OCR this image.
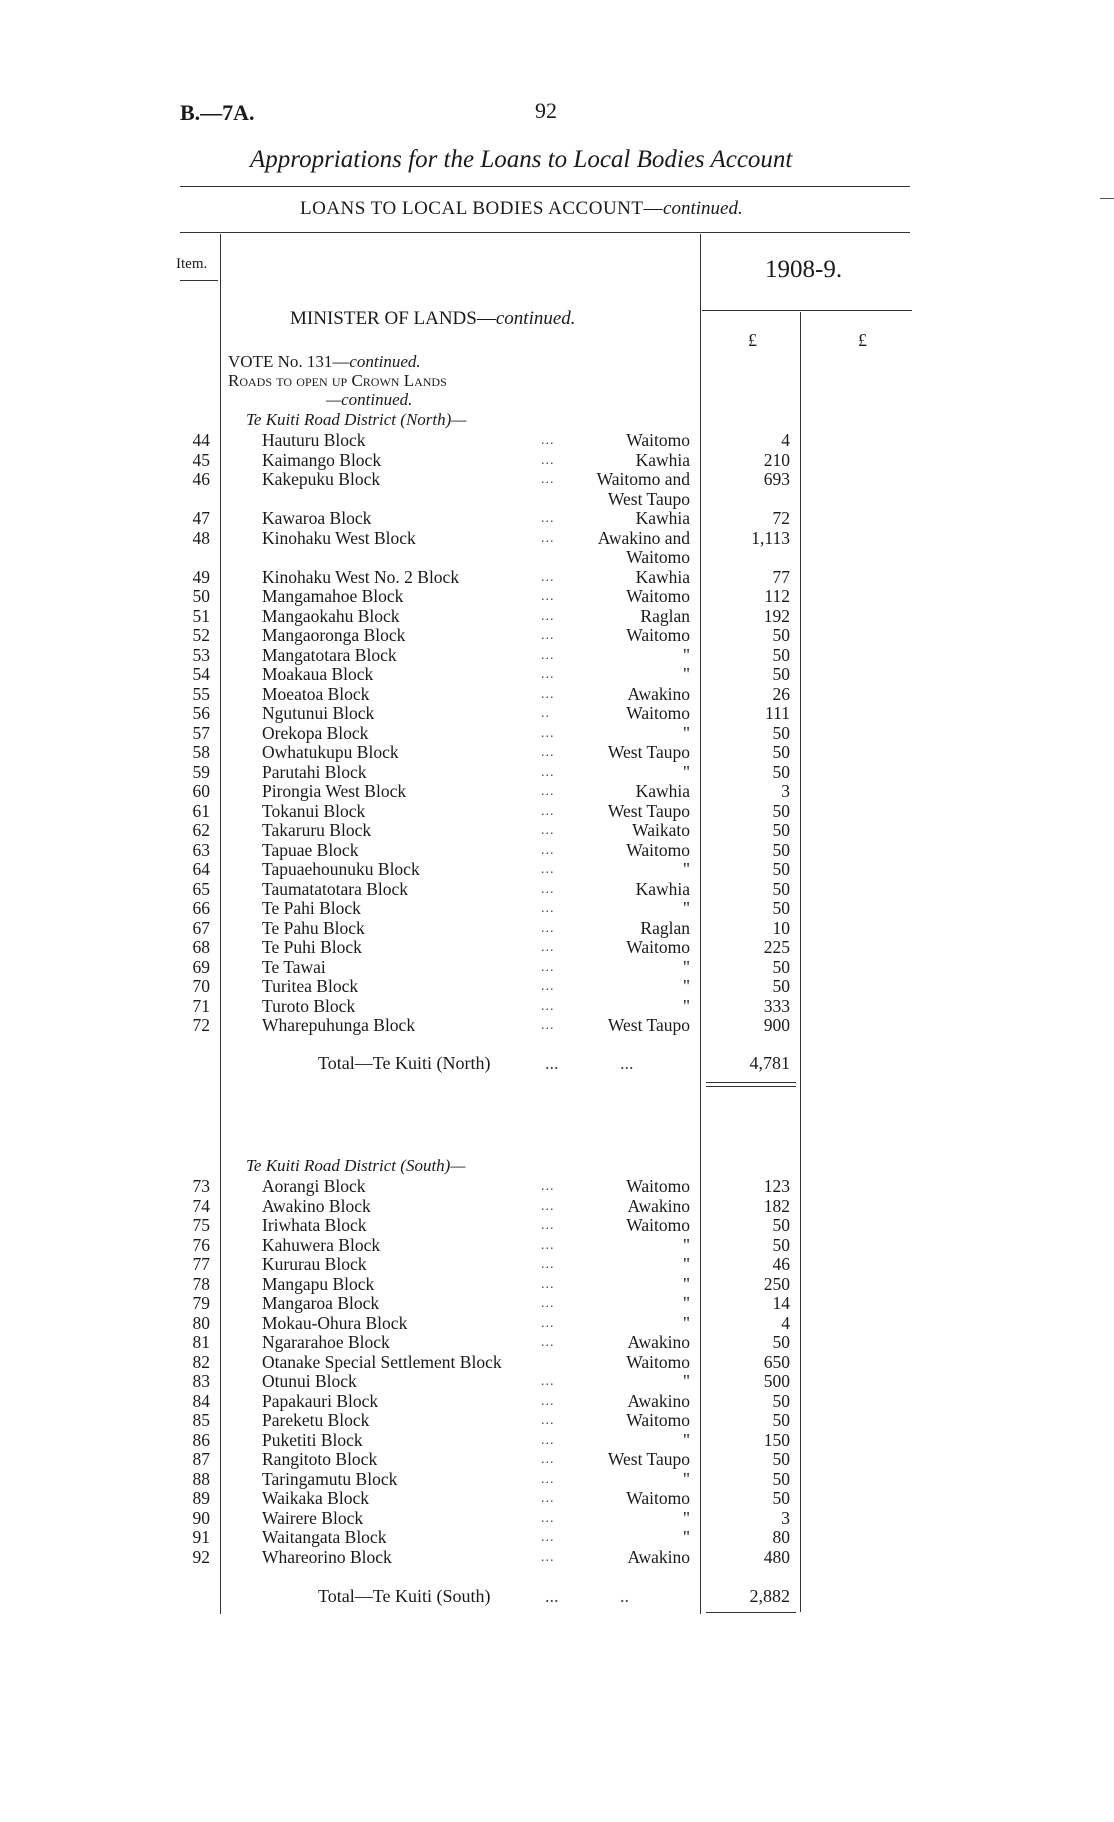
B.—7A.	92
Appropriations for the Loans to Local Bodies Account
LOANS TO LOCAL BODIES ACCOUNT—continued.
Item.	1908-9.
£	£
MINISTER OF LANDS—continued.
VOTE No. 131—continued.
Roads to open up Crown Lands
—continued.
Te Kuiti Road District (North)—
44	Hauturu Block	...	Waitomo	4
45	Kaimango Block	...	Kawhia	210
46	Kakepuku Block	...	Waitomo and	693
West Taupo
47	Kawaroa Block	...	Kawhia	72
48	Kinohaku West Block	...	Awakino and	1,113
Waitomo
49	Kinohaku West No. 2 Block	...	Kawhia	77
50	Mangamahoe Block	...	Waitomo	112
51	Mangaokahu Block	...	Raglan	192
52	Mangaoronga Block	...	Waitomo	50
53	Mangatotara Block	...	"	50
54	Moakaua Block	...	"	50
55	Moeatoa Block	...	Awakino	26
56	Ngutunui Block	..	Waitomo	111
57	Orekopa Block	...	"	50
58	Owhatukupu Block	...	West Taupo	50
59	Parutahi Block	...	"	50
60	Pirongia West Block	...	Kawhia	3
61	Tokanui Block	...	West Taupo	50
62	Takaruru Block	...	Waikato	50
63	Tapuae Block	...	Waitomo	50
64	Tapuaehounuku Block	...	"	50
65	Taumatatotara Block	...	Kawhia	50
66	Te Pahi Block	...	"	50
67	Te Pahu Block	...	Raglan	10
68	Te Puhi Block	...	Waitomo	225
69	Te Tawai	...	"	50
70	Turitea Block	...	"	50
71	Turoto Block	...	"	333
72	Wharepuhunga Block	...	West Taupo	900
Total—Te Kuiti (North)	...	...	4,781
Te Kuiti Road District (South)—
73	Aorangi Block	...	Waitomo	123
74	Awakino Block	...	Awakino	182
75	Iriwhata Block	...	Waitomo	50
76	Kahuwera Block	...	"	50
77	Kururau Block	...	"	46
78	Mangapu Block	...	"	250
79	Mangaroa Block	...	"	14
80	Mokau-Ohura Block	...	"	4
81	Ngararahoe Block	...	Awakino	50
82	Otanake Special Settlement Block	Waitomo	650
83	Otunui Block	...	"	500
84	Papakauri Block	...	Awakino	50
85	Pareketu Block	...	Waitomo	50
86	Puketiti Block	...	"	150
87	Rangitoto Block	...	West Taupo	50
88	Taringamutu Block	...	"	50
89	Waikaka Block	...	Waitomo	50
90	Wairere Block	...	"	3
91	Waitangata Block	...	"	80
92	Whareorino Block	...	Awakino	480
Total—Te Kuiti (South)	...	..	2,882
